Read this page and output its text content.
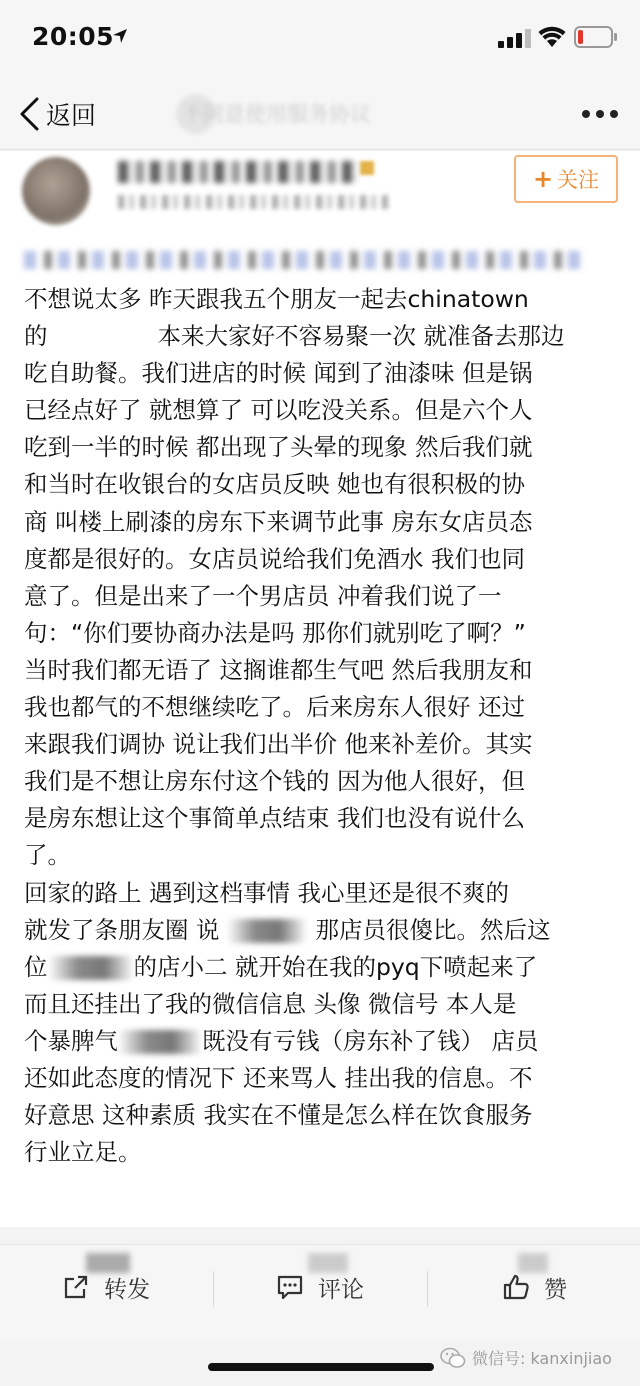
20:05
返回	不同意使用服务协议
+ 关注
不想说太多 昨天跟我五个朋友一起去chinatown
的	本来大家好不容易聚一次 就准备去那边
吃自助餐。我们进店的时候 闻到了油漆味 但是锅
已经点好了 就想算了 可以吃没关系。但是六个人
吃到一半的时候 都出现了头晕的现象 然后我们就
和当时在收银台的女店员反映 她也有很积极的协
商 叫楼上刷漆的房东下来调节此事 房东女店员态
度都是很好的。女店员说给我们免酒水 我们也同
意了。但是出来了一个男店员 冲着我们说了一
句：“你们要协商办法是吗 那你们就别吃了啊？”
当时我们都无语了 这搁谁都生气吧 然后我朋友和
我也都气的不想继续吃了。后来房东人很好 还过
来跟我们调协 说让我们出半价 他来补差价。其实
我们是不想让房东付这个钱的 因为他人很好，但
是房东想让这个事简单点结束 我们也没有说什么
了。
回家的路上 遇到这档事情 我心里还是很不爽的
就发了条朋友圈 说	那店员很傻比。然后这
位	的店小二 就开始在我的pyq下喷起来了
而且还挂出了我的微信信息 头像 微信号 本人是
个暴脾气	既没有亏钱（房东补了钱） 店员
还如此态度的情况下 还来骂人 挂出我的信息。不
好意思 这种素质 我实在不懂是怎么样在饮食服务
行业立足。
转发	评论	赞
微信号: kanxinjiao
